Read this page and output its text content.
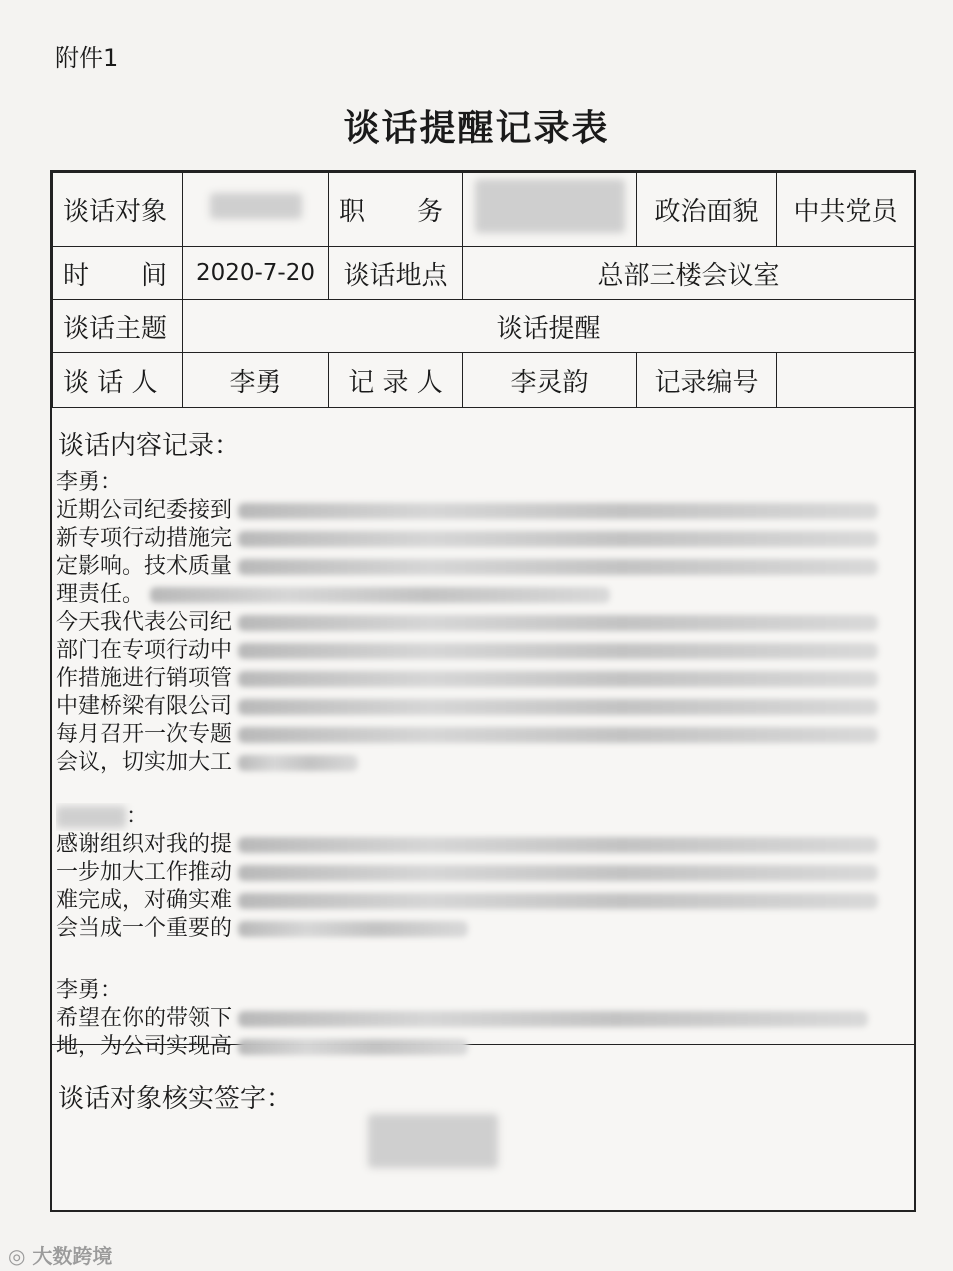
附件1
谈话提醒记录表
谈话对象		职　　务		政治面貌	中共党员
时　　间	2020-7-20	谈话地点	总部三楼会议室		
谈话主题	谈话提醒				
谈 话 人	李勇	记 录 人	李灵韵	记录编号	
谈话内容记录：
李勇：
近期公司纪委接到
新专项行动措施完
定影响。技术质量
理责任。
今天我代表公司纪
部门在专项行动中
作措施进行销项管
中建桥梁有限公司
每月召开一次专题
会议，切实加大工
：
感谢组织对我的提
一步加大工作推动
难完成，对确实难
会当成一个重要的
李勇：
希望在你的带领下
地，为公司实现高
谈话对象核实签字：
◎ 大数跨境
